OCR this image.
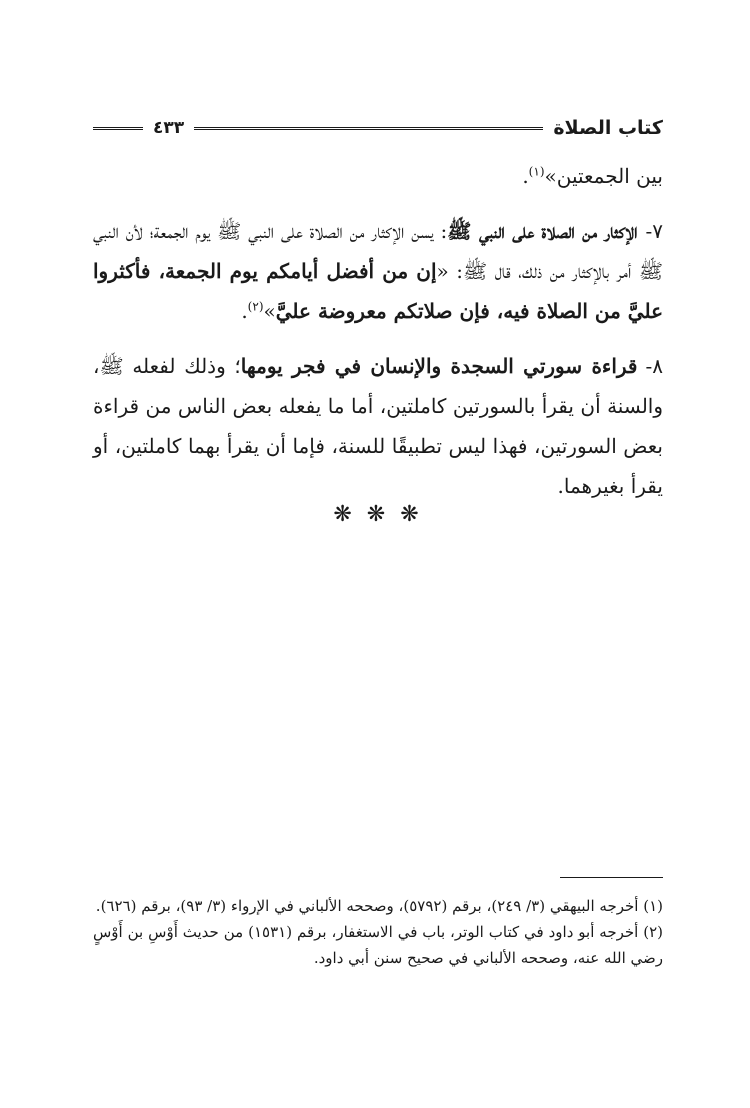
كتاب الصلاة
٤٣٣

بين الجمعتين»$^{(١)}$.

٧-الإكثار من الصلاة على النبي ﷺ: يسن الإكثار من الصلاة على النبي ﷺ يوم الجمعة؛ لأن النبي ﷺ أمر بالإكثار من ذلك، قال ﷺ: «إن من أفضل أيامكم يوم الجمعة، فأكثروا عليَّ من الصلاة فيه، فإن صلاتكم معروضة عليَّ»$^{(٢)}$.

٨-قراءة سورتي السجدة والإنسان في فجر يومها؛ وذلك لفعله ﷺ، والسنة أن يقرأ بالسورتين كاملتين، أما ما يفعله بعض الناس من قراءة بعض السورتين، فهذا ليس تطبيقًا للسنة، فإما أن يقرأ بهما كاملتين، أو يقرأ بغيرهما.

❋ ❋ ❋

(١) أخرجه البيهقي (٣/ ٢٤٩)، برقم (٥٧٩٢)، وصححه الألباني في الإرواء (٣/ ٩٣)، برقم (٦٢٦).

(٢) أخرجه أبو داود في كتاب الوتر، باب في الاستغفار، برقم (١٥٣١) من حديث أَوْسِ بن أَوْسٍ رضي الله عنه، وصححه الألباني في صحيح سنن أبي داود.
